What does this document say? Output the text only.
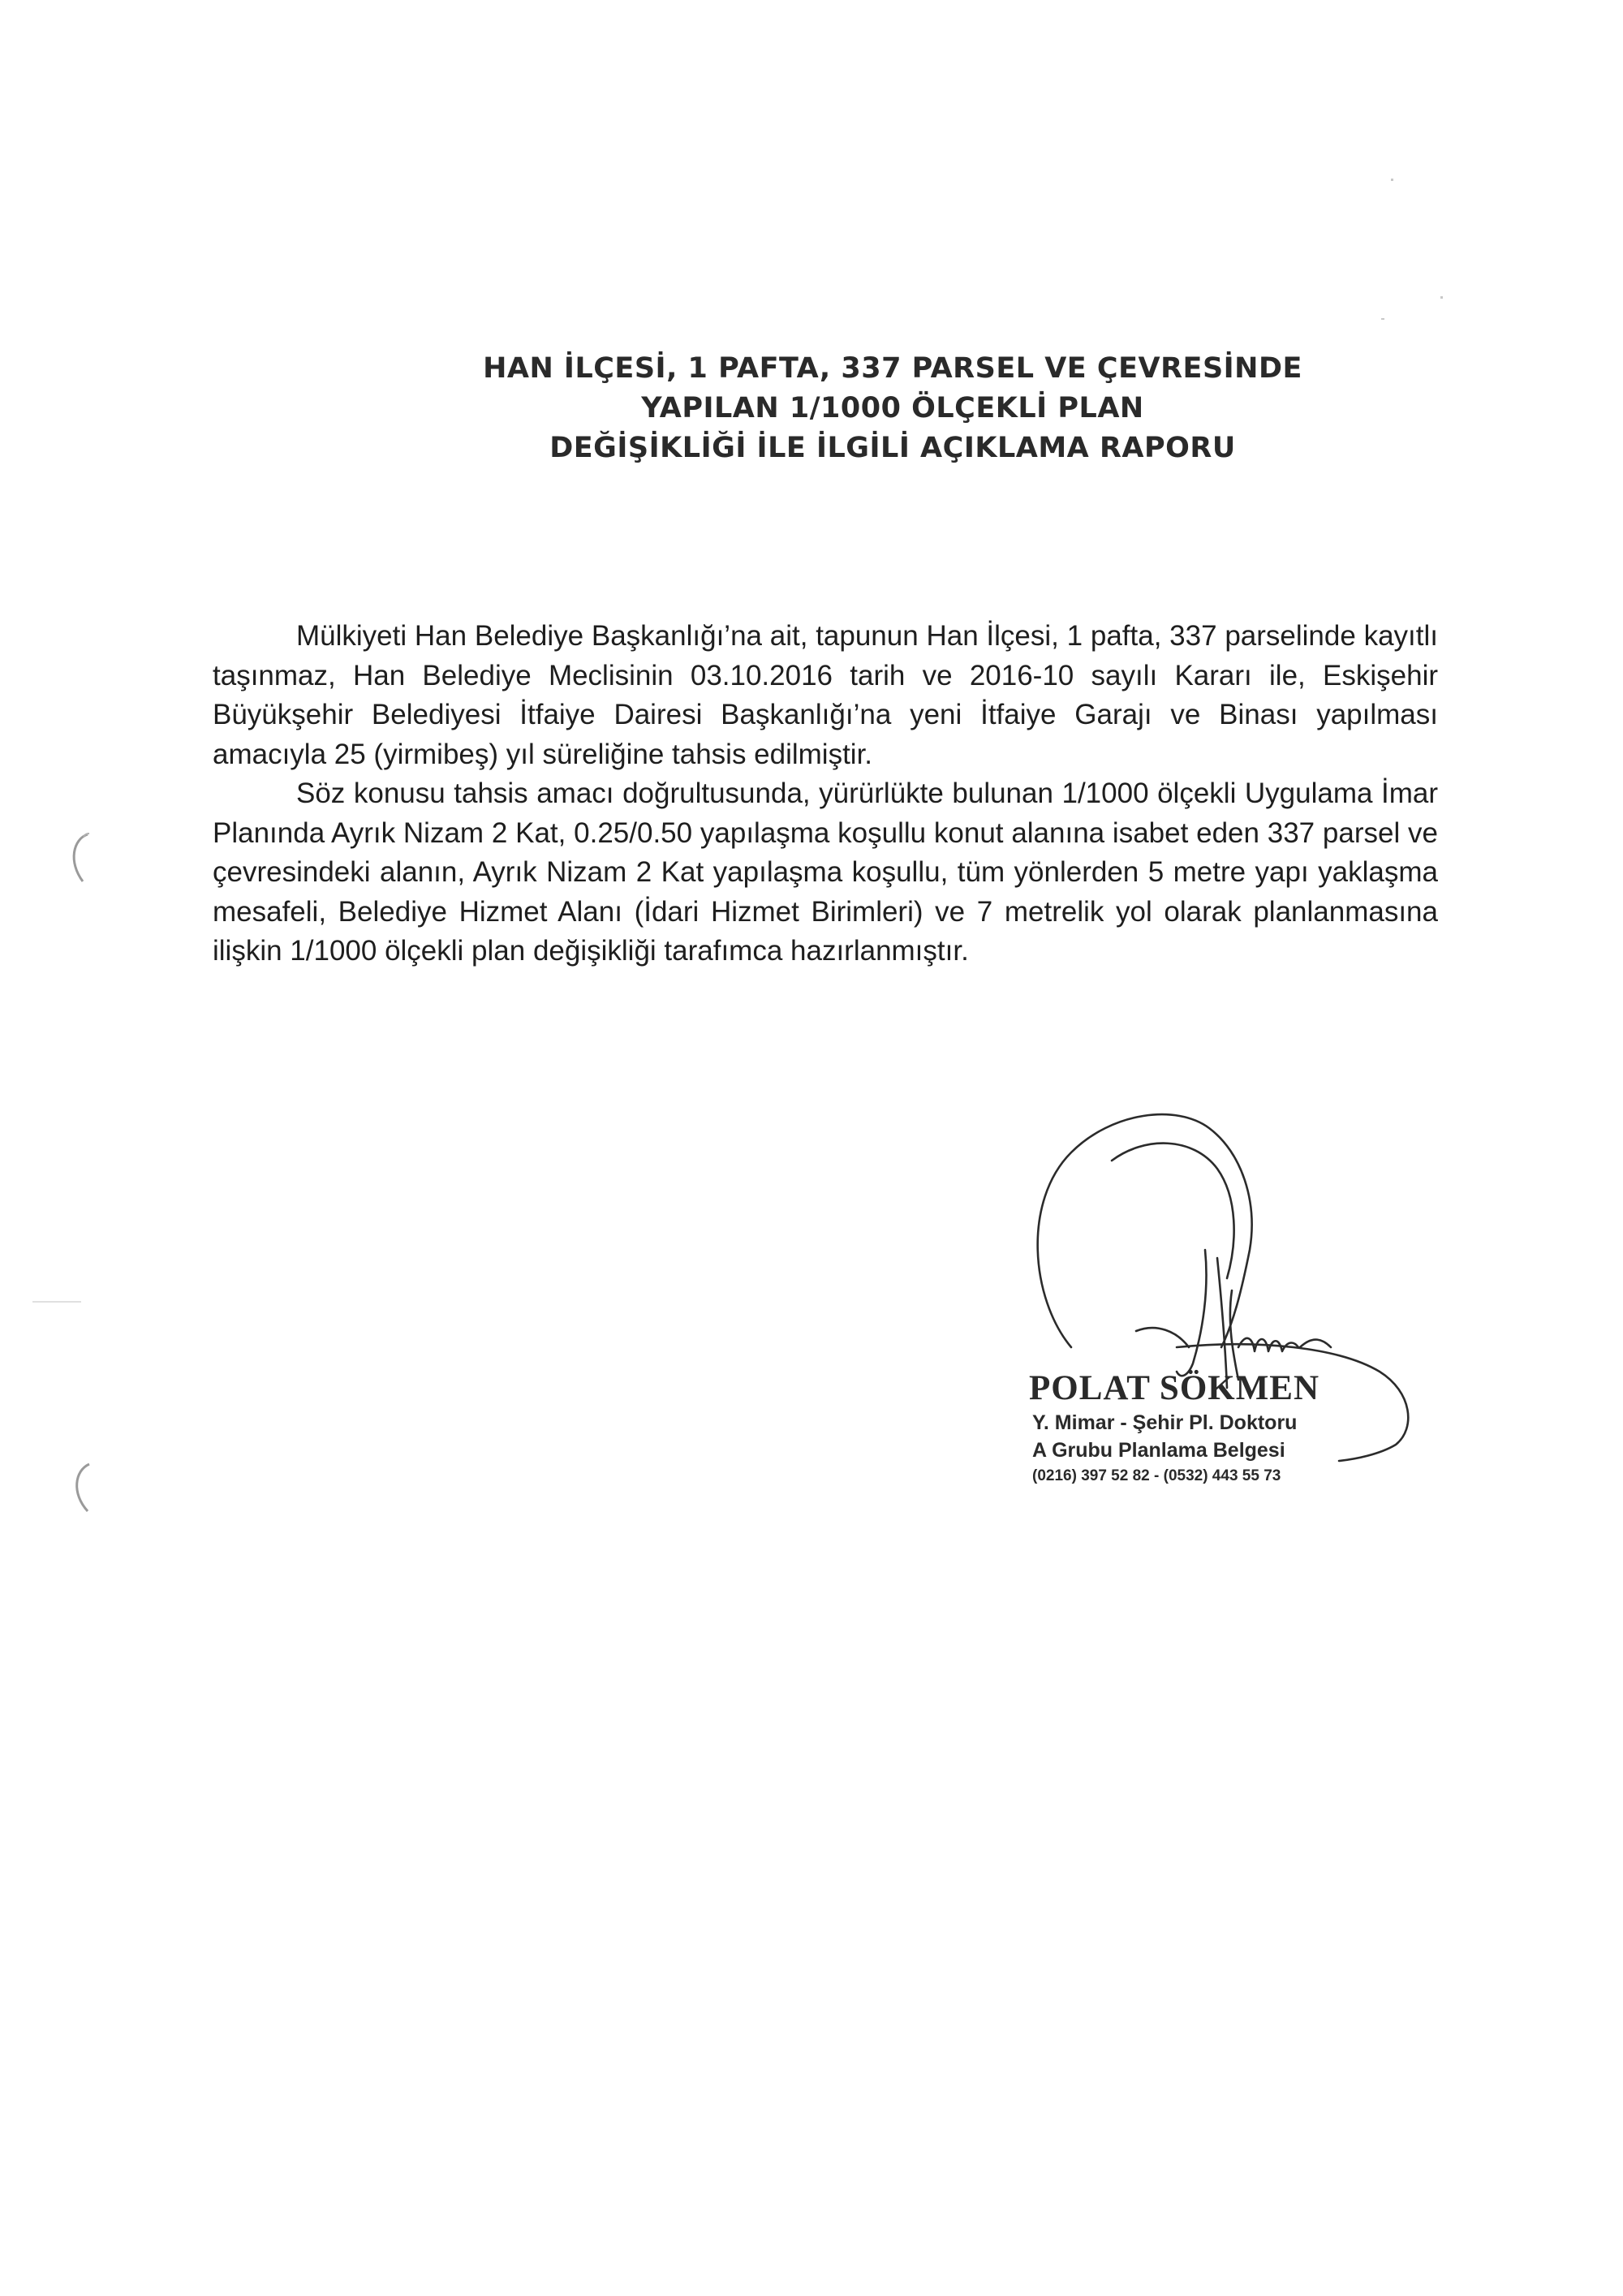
HAN İLÇESİ, 1 PAFTA, 337 PARSEL VE ÇEVRESİNDE
YAPILAN 1/1000 ÖLÇEKLİ PLAN
DEĞİŞİKLİĞİ İLE İLGİLİ AÇIKLAMA RAPORU

Mülkiyeti Han Belediye Başkanlığı’na ait, tapunun Han İlçesi, 1 pafta, 337 parselinde kayıtlı taşınmaz, Han Belediye Meclisinin 03.10.2016 tarih ve 2016-10 sayılı Kararı ile, Eskişehir Büyükşehir Belediyesi İtfaiye Dairesi Başkanlığı’na yeni İtfaiye Garajı ve Binası yapılması amacıyla 25 (yirmibeş) yıl süreliğine tahsis edilmiştir.

Söz konusu tahsis amacı doğrultusunda, yürürlükte bulunan 1/1000 ölçekli Uygulama İmar Planında Ayrık Nizam 2 Kat, 0.25/0.50 yapılaşma koşullu konut alanına isabet eden 337 parsel ve çevresindeki alanın, Ayrık Nizam 2 Kat yapılaşma koşullu, tüm yönlerden 5 metre yapı yaklaşma mesafeli, Belediye Hizmet Alanı (İdari Hizmet Birimleri) ve 7 metrelik yol olarak planlanmasına ilişkin 1/1000 ölçekli plan değişikliği tarafımca hazırlanmıştır.

POLAT SÖKMEN
Y. Mimar - Şehir Pl. Doktoru
A Grubu Planlama Belgesi
(0216) 397 52 82 - (0532) 443 55 73
